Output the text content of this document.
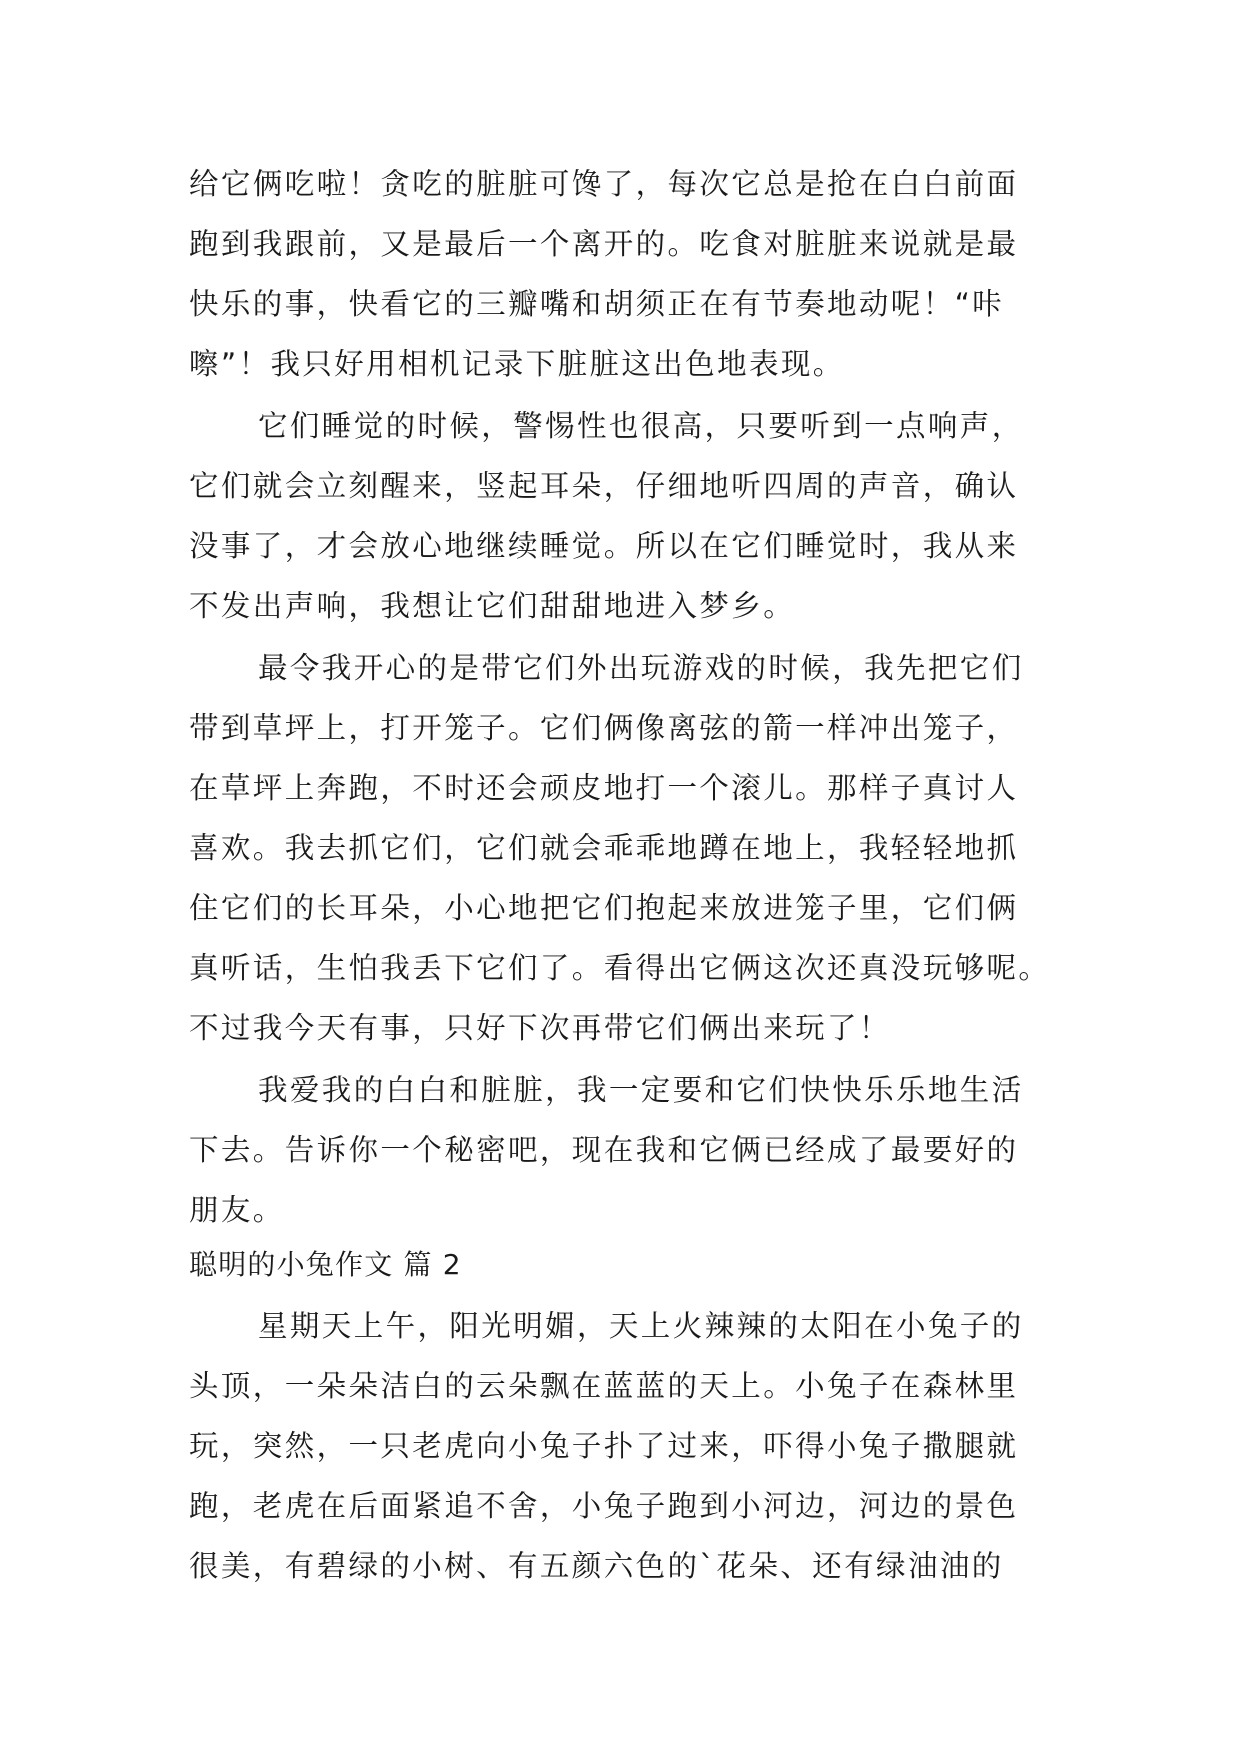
给它俩吃啦！贪吃的脏脏可馋了，每次它总是抢在白白前面
跑到我跟前，又是最后一个离开的。吃食对脏脏来说就是最
快乐的事，快看它的三瓣嘴和胡须正在有节奏地动呢！“咔
嚓”！我只好用相机记录下脏脏这出色地表现。
它们睡觉的时候，警惕性也很高，只要听到一点响声，
它们就会立刻醒来，竖起耳朵，仔细地听四周的声音，确认
没事了，才会放心地继续睡觉。所以在它们睡觉时，我从来
不发出声响，我想让它们甜甜地进入梦乡。
最令我开心的是带它们外出玩游戏的时候，我先把它们
带到草坪上，打开笼子。它们俩像离弦的箭一样冲出笼子，
在草坪上奔跑，不时还会顽皮地打一个滚儿。那样子真讨人
喜欢。我去抓它们，它们就会乖乖地蹲在地上，我轻轻地抓
住它们的长耳朵，小心地把它们抱起来放进笼子里，它们俩
真听话，生怕我丢下它们了。看得出它俩这次还真没玩够呢。
不过我今天有事，只好下次再带它们俩出来玩了！
我爱我的白白和脏脏，我一定要和它们快快乐乐地生活
下去。告诉你一个秘密吧，现在我和它俩已经成了最要好的
朋友。
聪明的小兔作文 篇 2
星期天上午，阳光明媚，天上火辣辣的太阳在小兔子的
头顶，一朵朵洁白的云朵飘在蓝蓝的天上。小兔子在森林里
玩，突然，一只老虎向小兔子扑了过来，吓得小兔子撒腿就
跑，老虎在后面紧追不舍，小兔子跑到小河边，河边的景色
很美，有碧绿的小树、有五颜六色的`花朵、还有绿油油的
